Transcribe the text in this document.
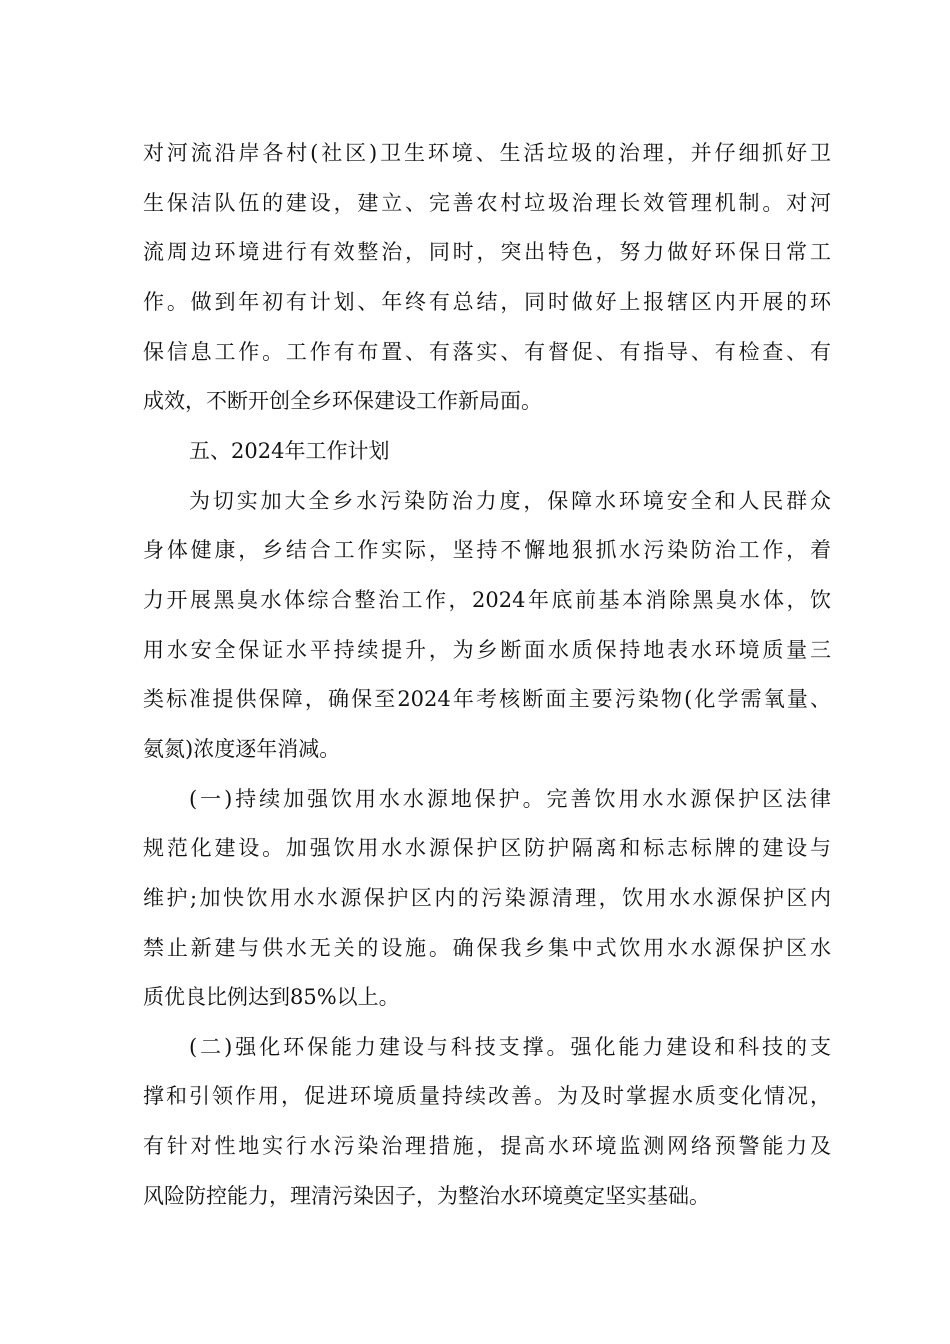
对河流沿岸各村(社区)卫生环境、生活垃圾的治理，并仔细抓好卫
生保洁队伍的建设，建立、完善农村垃圾治理长效管理机制。对河
流周边环境进行有效整治，同时，突出特色，努力做好环保日常工
作。做到年初有计划、年终有总结，同时做好上报辖区内开展的环
保信息工作。工作有布置、有落实、有督促、有指导、有检查、有
成效，不断开创全乡环保建设工作新局面。
五、2024年工作计划
为切实加大全乡水污染防治力度，保障水环境安全和人民群众
身体健康，乡结合工作实际，坚持不懈地狠抓水污染防治工作，着
力开展黑臭水体综合整治工作，2024年底前基本消除黑臭水体，饮
用水安全保证水平持续提升，为乡断面水质保持地表水环境质量三
类标准提供保障，确保至2024年考核断面主要污染物(化学需氧量、
氨氮)浓度逐年消减。
(一)持续加强饮用水水源地保护。完善饮用水水源保护区法律
规范化建设。加强饮用水水源保护区防护隔离和标志标牌的建设与
维护;加快饮用水水源保护区内的污染源清理，饮用水水源保护区内
禁止新建与供水无关的设施。确保我乡集中式饮用水水源保护区水
质优良比例达到85%以上。
(二)强化环保能力建设与科技支撑。强化能力建设和科技的支
撑和引领作用，促进环境质量持续改善。为及时掌握水质变化情况，
有针对性地实行水污染治理措施，提高水环境监测网络预警能力及
风险防控能力，理清污染因子，为整治水环境奠定坚实基础。
